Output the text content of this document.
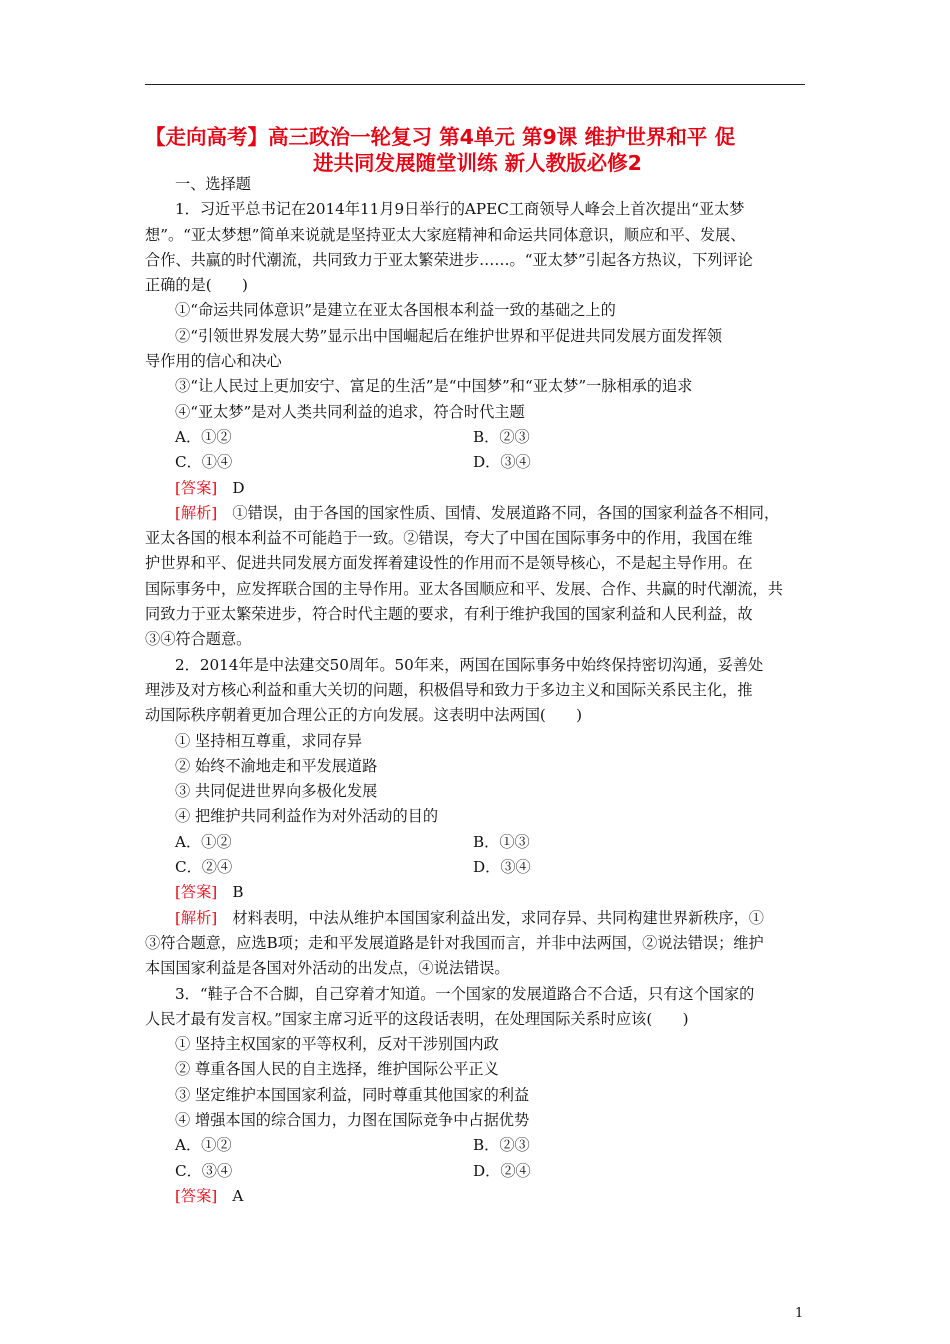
【走向高考】高三政治一轮复习 第4单元 第9课 维护世界和平 促
进共同发展随堂训练 新人教版必修2
一、选择题
1．习近平总书记在2014年11月9日举行的APEC工商领导人峰会上首次提出“亚太梦
想”。“亚太梦想”简单来说就是坚持亚太大家庭精神和命运共同体意识，顺应和平、发展、
合作、共赢的时代潮流，共同致力于亚太繁荣进步……。“亚太梦”引起各方热议，下列评论
正确的是(　　)
①“命运共同体意识”是建立在亚太各国根本利益一致的基础之上的
②“引领世界发展大势”显示出中国崛起后在维护世界和平促进共同发展方面发挥领
导作用的信心和决心
③“让人民过上更加安宁、富足的生活”是“中国梦”和“亚太梦”一脉相承的追求
④“亚太梦”是对人类共同利益的追求，符合时代主题
A．①②	B．②③
C．①④	D．③④
[答案]  D
[解析]  ①错误，由于各国的国家性质、国情、发展道路不同，各国的国家利益各不相同，
亚太各国的根本利益不可能趋于一致。②错误，夸大了中国在国际事务中的作用，我国在维
护世界和平、促进共同发展方面发挥着建设性的作用而不是领导核心，不是起主导作用。在
国际事务中，应发挥联合国的主导作用。亚太各国顺应和平、发展、合作、共赢的时代潮流，共
同致力于亚太繁荣进步，符合时代主题的要求，有利于维护我国的国家利益和人民利益，故
③④符合题意。
2．2014年是中法建交50周年。50年来，两国在国际事务中始终保持密切沟通，妥善处
理涉及对方核心利益和重大关切的问题，积极倡导和致力于多边主义和国际关系民主化，推
动国际秩序朝着更加合理公正的方向发展。这表明中法两国(　　)
① 坚持相互尊重，求同存异
② 始终不渝地走和平发展道路
③ 共同促进世界向多极化发展
④ 把维护共同利益作为对外活动的目的
A．①②	B．①③
C．②④	D．③④
[答案]  B
[解析]  材料表明，中法从维护本国国家利益出发，求同存异、共同构建世界新秩序，①
③符合题意，应选B项；走和平发展道路是针对我国而言，并非中法两国，②说法错误；维护
本国国家利益是各国对外活动的出发点，④说法错误。
3．“鞋子合不合脚，自己穿着才知道。一个国家的发展道路合不合适，只有这个国家的
人民才最有发言权。”国家主席习近平的这段话表明，在处理国际关系时应该(　　)
① 坚持主权国家的平等权利，反对干涉别国内政
② 尊重各国人民的自主选择，维护国际公平正义
③ 坚定维护本国国家利益，同时尊重其他国家的利益
④ 增强本国的综合国力，力图在国际竞争中占据优势
A．①②	B．②③
C．③④	D．②④
[答案]  A
1
